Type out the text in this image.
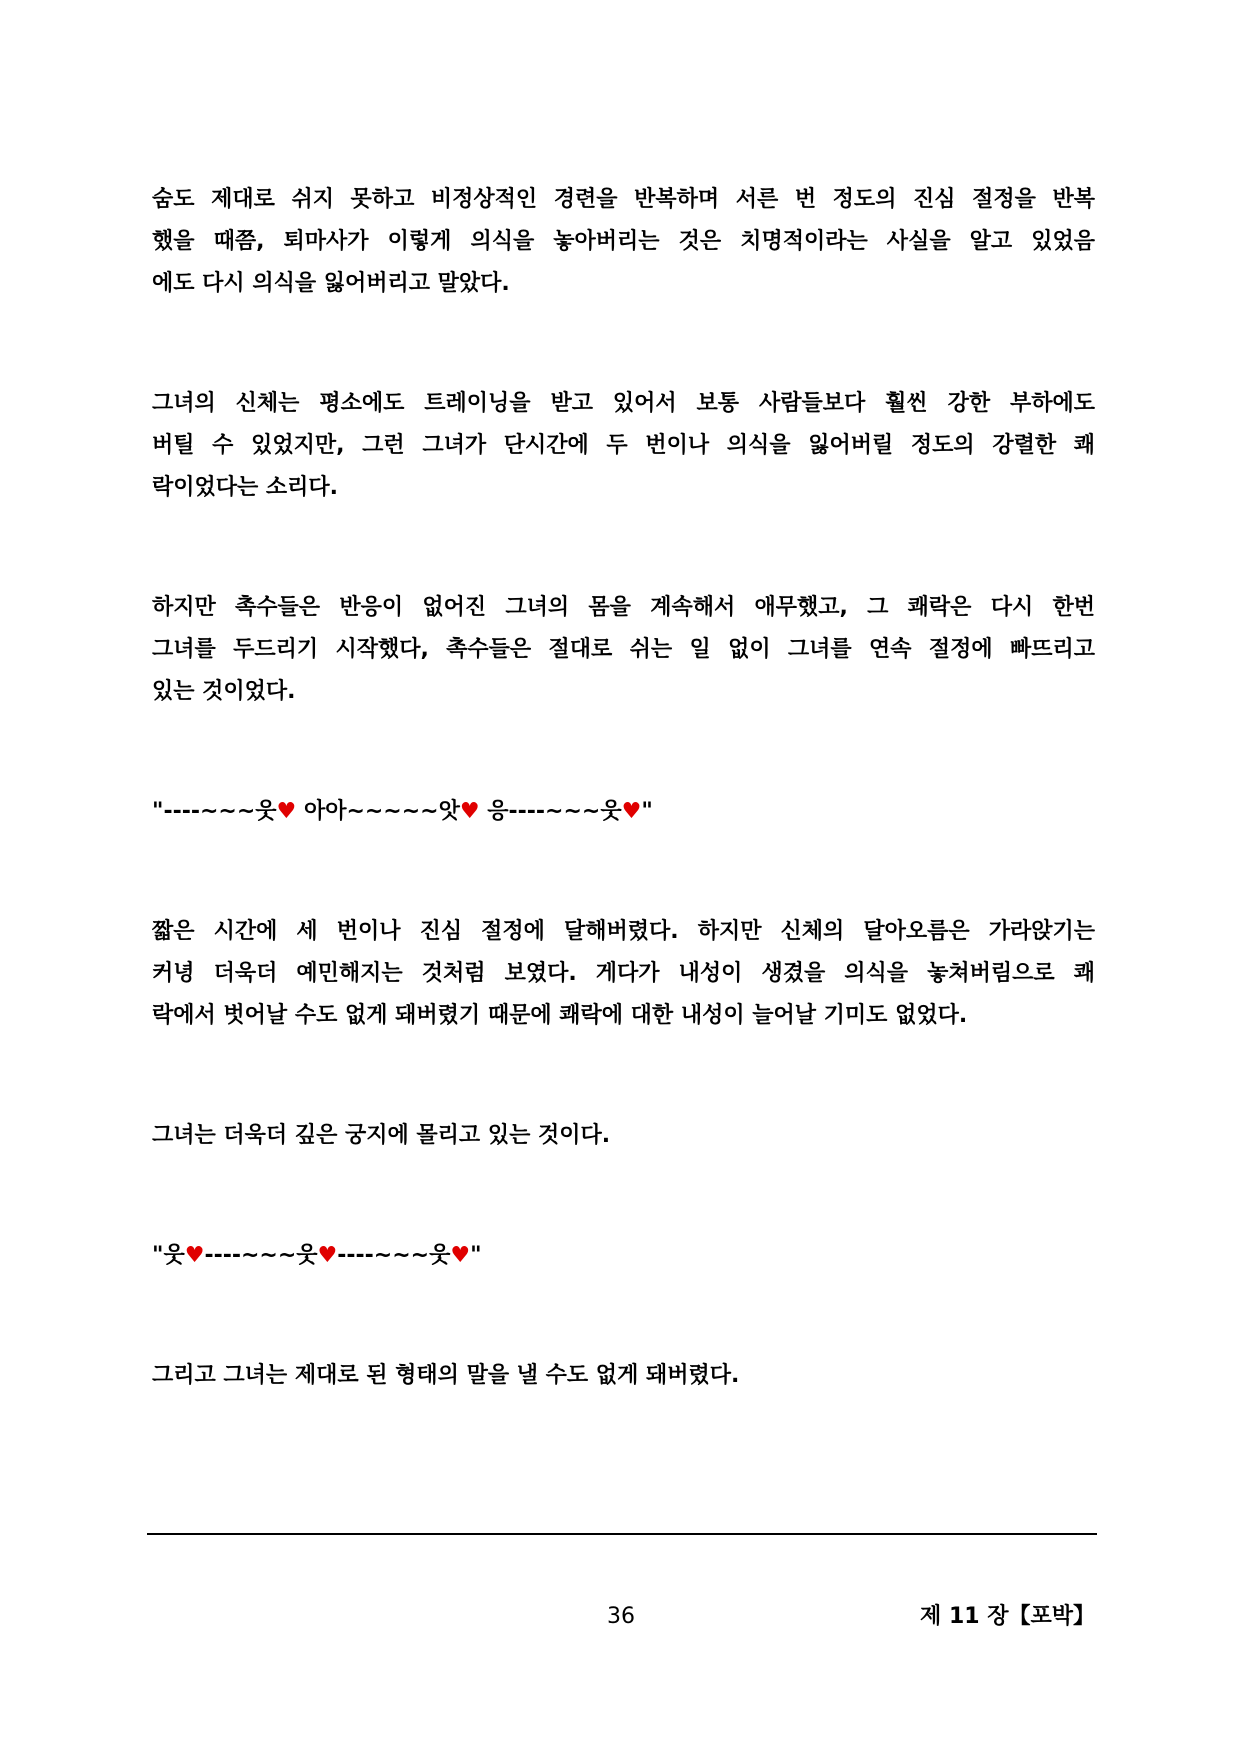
숨도 제대로 쉬지 못하고 비정상적인 경련을 반복하며 서른 번 정도의 진심 절정을 반복
했을 때쯤, 퇴마사가 이렇게 의식을 놓아버리는 것은 치명적이라는 사실을 알고 있었음
에도 다시 의식을 잃어버리고 말았다.
그녀의 신체는 평소에도 트레이닝을 받고 있어서 보통 사람들보다 훨씬 강한 부하에도
버틸 수 있었지만, 그런 그녀가 단시간에 두 번이나 의식을 잃어버릴 정도의 강렬한 쾌
락이었다는 소리다.
하지만 촉수들은 반응이 없어진 그녀의 몸을 계속해서 애무했고, 그 쾌락은 다시 한번
그녀를 두드리기 시작했다, 촉수들은 절대로 쉬는 일 없이 그녀를 연속 절정에 빠뜨리고
있는 것이었다.
"----~~~웃♥ 아아~~~~~앗♥ 응----~~~웃♥"
짧은 시간에 세 번이나 진심 절정에 달해버렸다. 하지만 신체의 달아오름은 가라앉기는
커녕 더욱더 예민해지는 것처럼 보였다. 게다가 내성이 생겼을 의식을 놓쳐버림으로 쾌
락에서 벗어날 수도 없게 돼버렸기 때문에 쾌락에 대한 내성이 늘어날 기미도 없었다.
그녀는 더욱더 깊은 궁지에 몰리고 있는 것이다.
"웃♥----~~~웃♥----~~~웃♥"
그리고 그녀는 제대로 된 형태의 말을 낼 수도 없게 돼버렸다.
36	제 11 장【포박】
